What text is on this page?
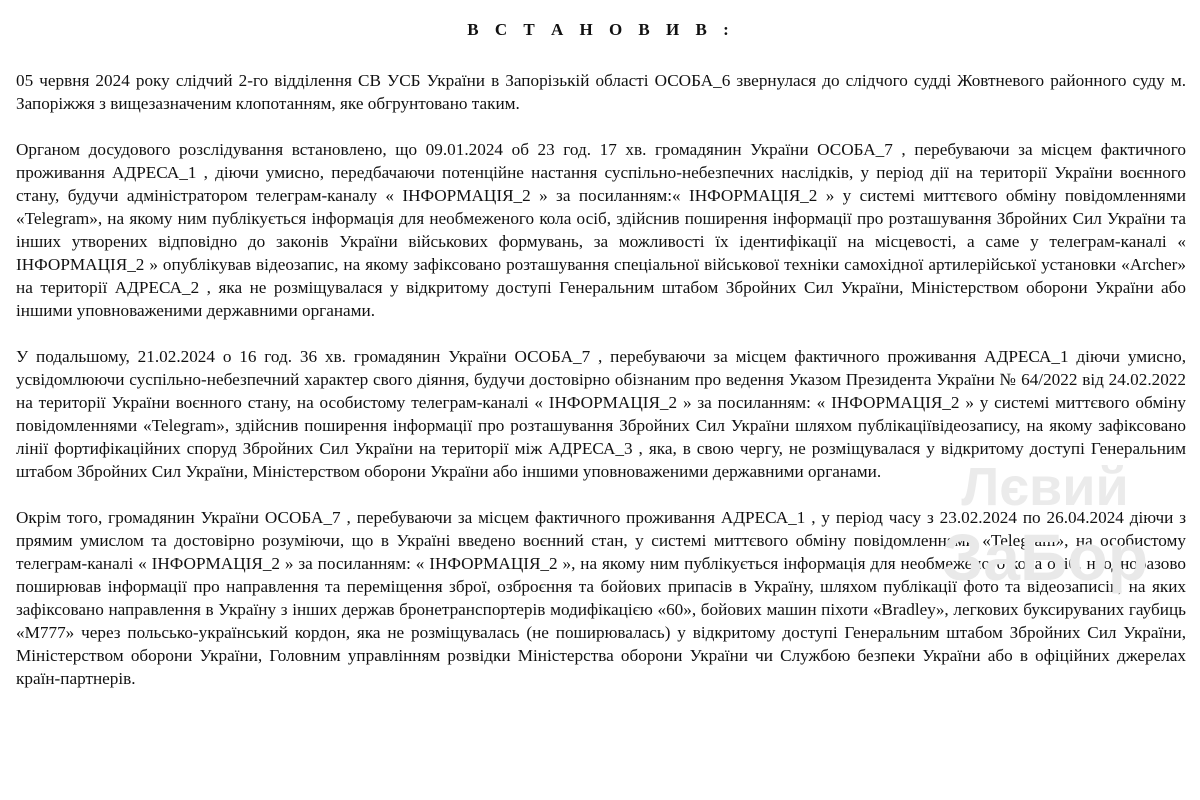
В С Т А Н О В И В :

05 червня 2024 року слідчий 2-го відділення СВ УСБ України в Запорізькій області ОСОБА_6 звернулася до слідчого судді Жовтневого районного суду м. Запоріжжя з вищезазначеним клопотанням, яке обгрунтовано таким.

Органом досудового розслідування встановлено, що 09.01.2024 об 23 год. 17 хв. громадянин України ОСОБА_7 , перебуваючи за місцем фактичного проживання АДРЕСА_1 , діючи умисно, передбачаючи потенційне настання суспільно-небезпечних наслідків, у період дії на території України воєнного стану, будучи адміністратором телеграм-каналу « ІНФОРМАЦІЯ_2 » за посиланням:« ІНФОРМАЦІЯ_2 » у системі миттєвого обміну повідомленнями «Telegram», на якому ним публікується інформація для необмеженого кола осіб, здійснив поширення інформації про розташування Збройних Сил України та інших утворених відповідно до законів України військових формувань, за можливості їх ідентифікації на місцевості, а саме у телеграм-каналі « ІНФОРМАЦІЯ_2 » опублікував відеозапис, на якому зафіксовано розташування спеціальної військової техніки самохідної артилерійської установки «Archer» на території АДРЕСА_2 , яка не розміщувалася у відкритому доступі Генеральним штабом Збройних Сил України, Міністерством оборони України або іншими уповноваженими державними органами.

У подальшому, 21.02.2024 о 16 год. 36 хв. громадянин України ОСОБА_7 , перебуваючи за місцем фактичного проживання АДРЕСА_1 діючи умисно, усвідомлюючи суспільно-небезпечний характер свого діяння, будучи достовірно обізнаним про ведення Указом Президента України № 64/2022 від 24.02.2022 на території України воєнного стану, на особистому телеграм-каналі « ІНФОРМАЦІЯ_2 » за посиланням: « ІНФОРМАЦІЯ_2 » у системі миттєвого обміну повідомленнями «Telegram», здійснив поширення інформації про розташування Збройних Сил України шляхом публікаціївідеозапису, на якому зафіксовано лінії фортифікаційних споруд Збройних Сил України на території між АДРЕСА_3 , яка, в свою чергу, не розміщувалася у відкритому доступі Генеральним штабом Збройних Сил України, Міністерством оборони України або іншими уповноваженими державними органами.

Окрім того, громадянин України ОСОБА_7 , перебуваючи за місцем фактичного проживання АДРЕСА_1 , у період часу з 23.02.2024 по 26.04.2024 діючи з прямим умислом та достовірно розуміючи, що в Україні введено воєнний стан, у системі миттєвого обміну повідомленнями «Telegram», на особистому телеграм-каналі « ІНФОРМАЦІЯ_2 » за посиланням: « ІНФОРМАЦІЯ_2 », на якому ним публікується інформація для необмеженого кола осіб, неодноразово поширював інформації про направлення та переміщення зброї, озброєння та бойових припасів в Україну, шляхом публікації фото та відеозаписів, на яких зафіксовано направлення в Україну з інших держав бронетранспортерів модифікацією «60», бойових машин піхоти «Bradley», легкових буксируваних гаубиць «М777» через польсько-український кордон, яка не розміщувалась (не поширювалась) у відкритому доступі Генеральним штабом Збройних Сил України, Міністерством оборони України, Головним управлінням розвідки Міністерства оборони України чи Службою безпеки України або в офіційних джерелах країн-партнерів.

Лєвий
ЗаБор
